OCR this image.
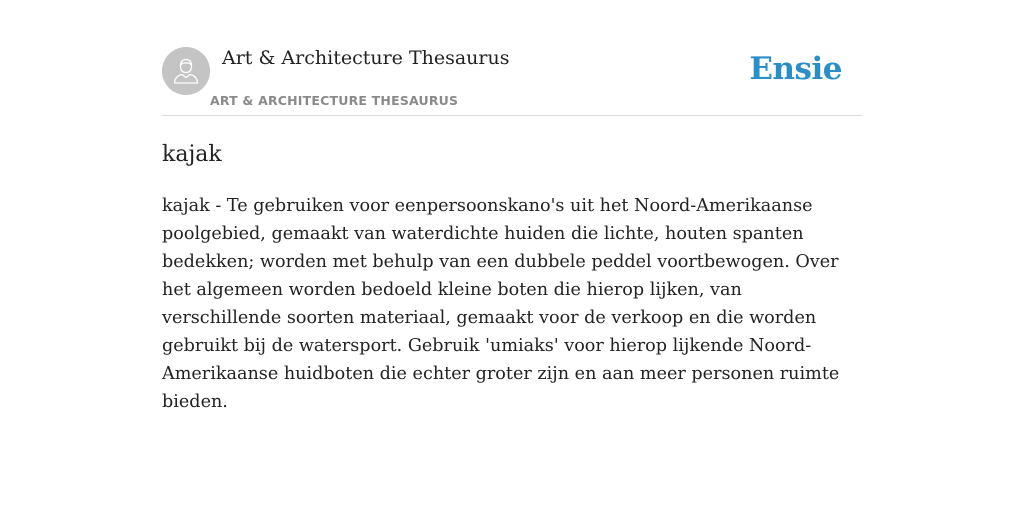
Art & Architecture Thesaurus
ART & ARCHITECTURE THESAURUS
Ensie
kajak

kajak - Te gebruiken voor eenpersoonskano's uit het Noord-Amerikaanse poolgebied, gemaakt van waterdichte huiden die lichte, houten spanten bedekken; worden met behulp van een dubbele peddel voortbewogen. Over het algemeen worden bedoeld kleine boten die hierop lijken, van verschillende soorten materiaal, gemaakt voor de verkoop en die worden gebruikt bij de watersport. Gebruik 'umiaks' voor hierop lijkende Noord-Amerikaanse huidboten die echter groter zijn en aan meer personen ruimte bieden.
